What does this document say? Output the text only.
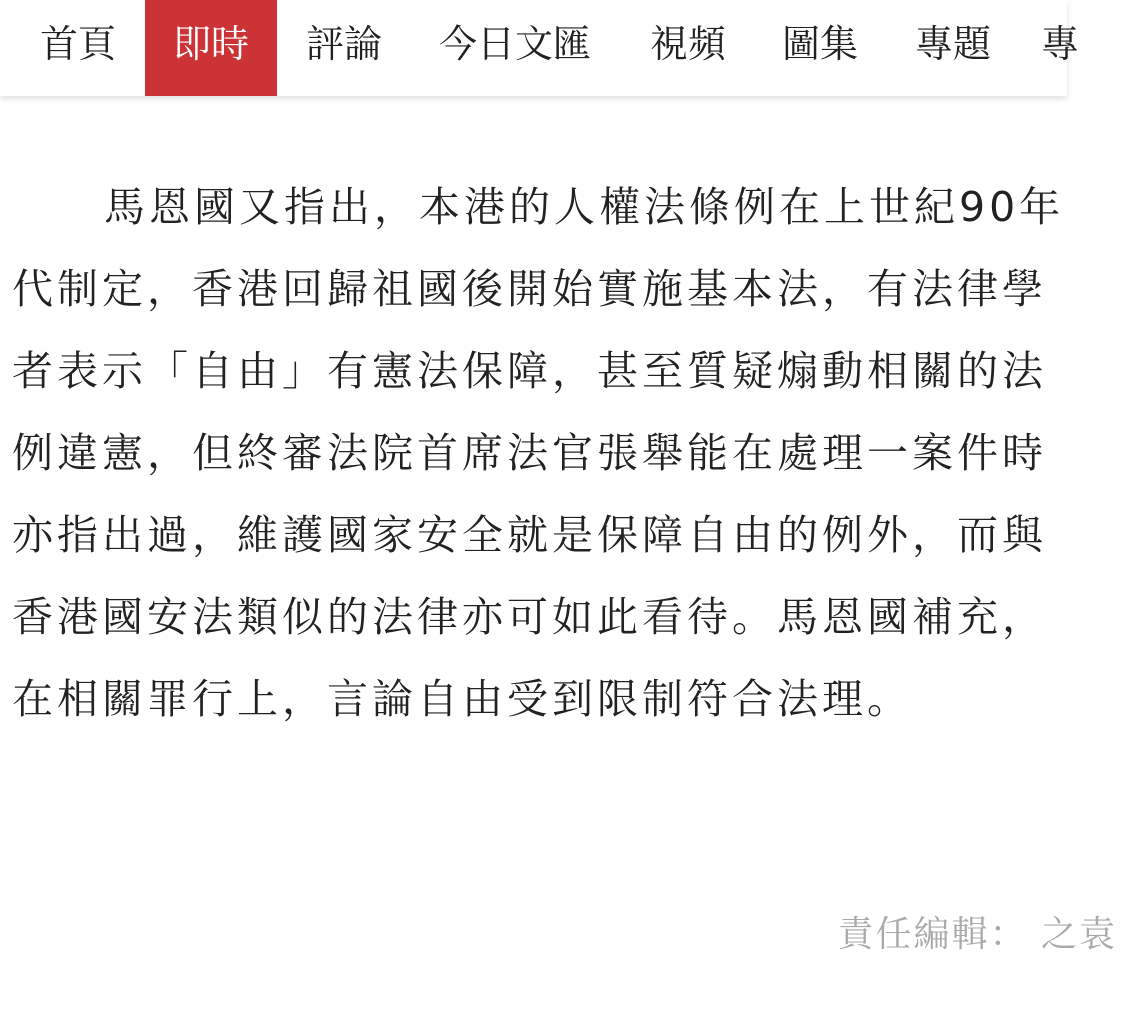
首頁	即時	評論	今日文匯	視頻	圖集	專題	專

馬恩國又指出，本港的人權法條例在上世紀90年代制定，香港回歸祖國後開始實施基本法，有法律學者表示「自由」有憲法保障，甚至質疑煽動相關的法例違憲，但終審法院首席法官張舉能在處理一案件時亦指出過，維護國家安全就是保障自由的例外，而與香港國安法類似的法律亦可如此看待。馬恩國補充，在相關罪行上，言論自由受到限制符合法理。

責任編輯： 之袁
